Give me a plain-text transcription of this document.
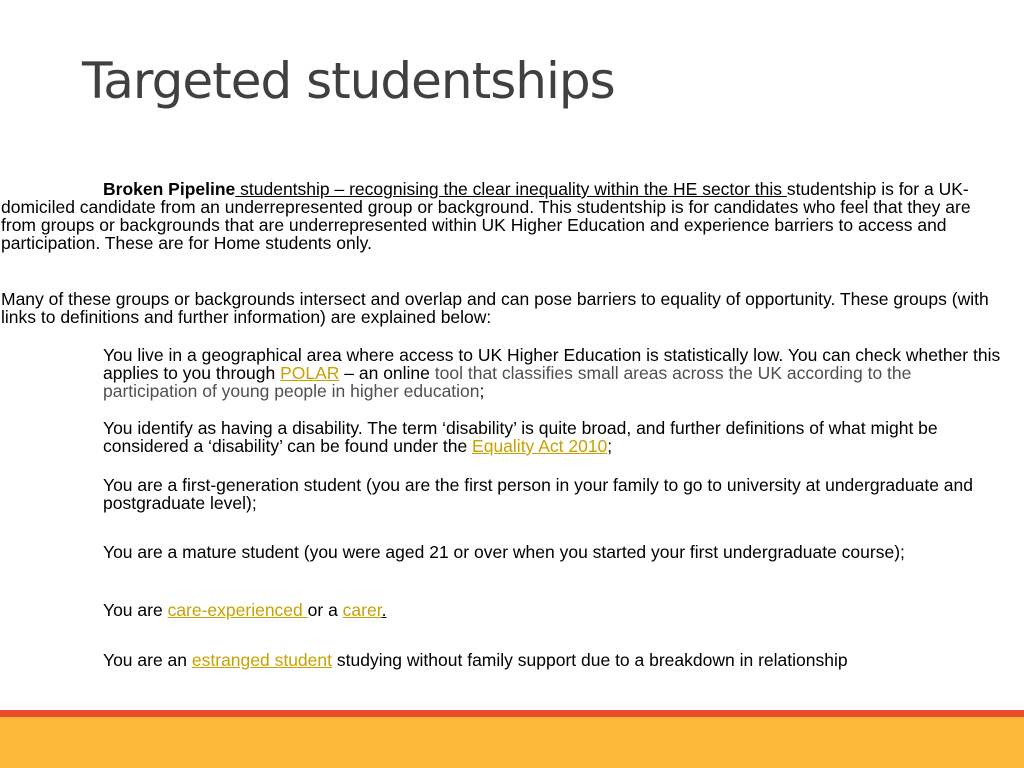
Targeted studentships
Broken Pipeline studentship – recognising the clear inequality within the HE sector this studentship is for a UK-domiciled candidate from an underrepresented group or background. This studentship is for candidates who feel that they are from groups or backgrounds that are underrepresented within UK Higher Education and experience barriers to access and participation. These are for Home students only.

Many of these groups or backgrounds intersect and overlap and can pose barriers to equality of opportunity. These groups (with links to definitions and further information) are explained below:

You live in a geographical area where access to UK Higher Education is statistically low. You can check whether this applies to you through POLAR – an online tool that classifies small areas across the UK according to the participation of young people in higher education;
You identify as having a disability. The term ‘disability’ is quite broad, and further definitions of what might be considered a ‘disability’ can be found under the Equality Act 2010;

You are a first-generation student (you are the first person in your family to go to university at undergraduate and postgraduate level);

You are a mature student (you were aged 21 or over when you started your first undergraduate course);

You are care-experienced or a carer.
You are an estranged student studying without family support due to a breakdown in relationship
